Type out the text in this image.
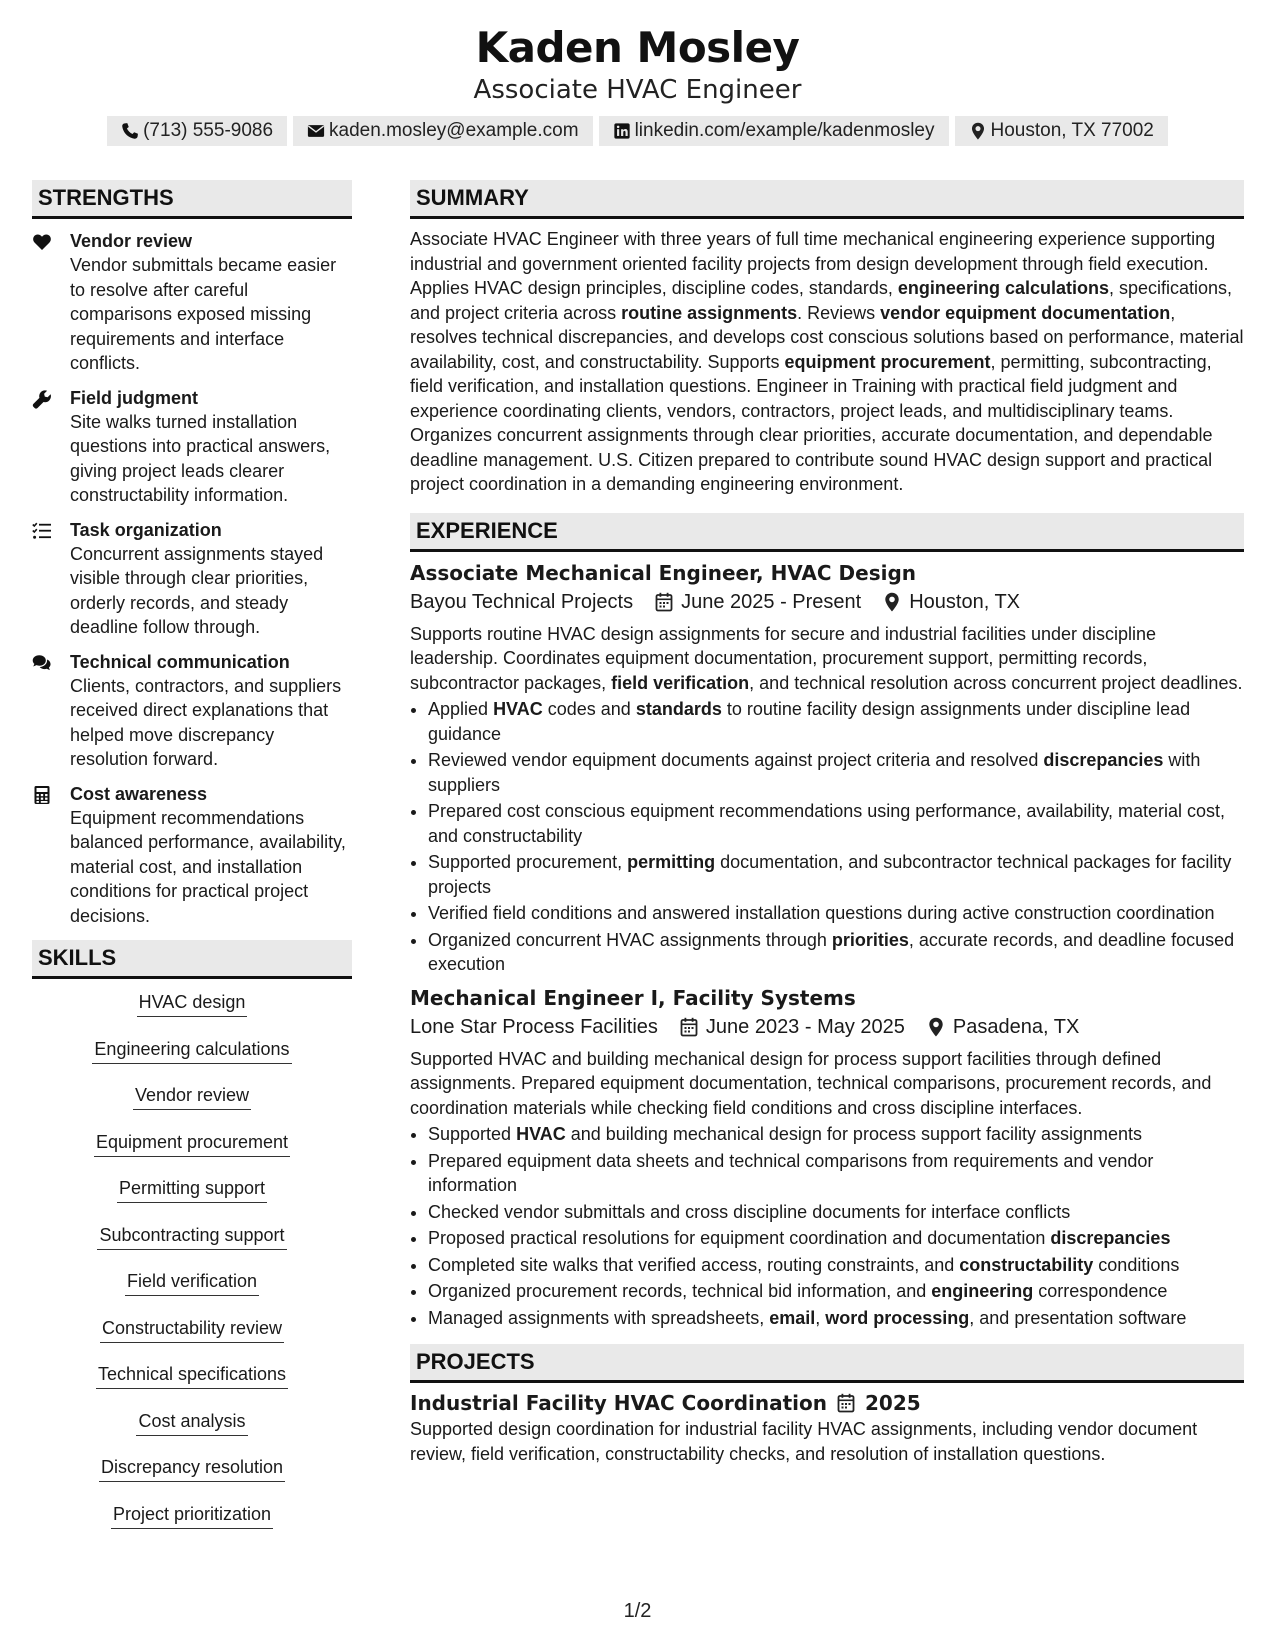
Kaden Mosley
Associate HVAC Engineer
(713) 555-9086	kaden.mosley@example.com	linkedin.com/example/kadenmosley	Houston, TX 77002
STRENGTHS
Vendor review
Vendor submittals became easier to resolve after careful comparisons exposed missing requirements and interface conflicts.
Field judgment
Site walks turned installation questions into practical answers, giving project leads clearer constructability information.
Task organization
Concurrent assignments stayed visible through clear priorities, orderly records, and steady deadline follow through.
Technical communication
Clients, contractors, and suppliers received direct explanations that helped move discrepancy resolution forward.
Cost awareness
Equipment recommendations balanced performance, availability, material cost, and installation conditions for practical project decisions.
SKILLS
HVAC design
Engineering calculations
Vendor review
Equipment procurement
Permitting support
Subcontracting support
Field verification
Constructability review
Technical specifications
Cost analysis
Discrepancy resolution
Project prioritization
SUMMARY
Associate HVAC Engineer with three years of full time mechanical engineering experience supporting industrial and government oriented facility projects from design development through field execution. Applies HVAC design principles, discipline codes, standards, engineering calculations, specifications, and project criteria across routine assignments. Reviews vendor equipment documentation, resolves technical discrepancies, and develops cost conscious solutions based on performance, material availability, cost, and constructability. Supports equipment procurement, permitting, subcontracting, field verification, and installation questions. Engineer in Training with practical field judgment and experience coordinating clients, vendors, contractors, project leads, and multidisciplinary teams. Organizes concurrent assignments through clear priorities, accurate documentation, and dependable deadline management. U.S. Citizen prepared to contribute sound HVAC design support and practical project coordination in a demanding engineering environment.
EXPERIENCE
Associate Mechanical Engineer, HVAC Design
Bayou Technical Projects June 2025 - Present Houston, TX
Supports routine HVAC design assignments for secure and industrial facilities under discipline leadership. Coordinates equipment documentation, procurement support, permitting records, subcontractor packages, field verification, and technical resolution across concurrent project deadlines.
• Applied HVAC codes and standards to routine facility design assignments under discipline lead guidance
• Reviewed vendor equipment documents against project criteria and resolved discrepancies with suppliers
• Prepared cost conscious equipment recommendations using performance, availability, material cost, and constructability
• Supported procurement, permitting documentation, and subcontractor technical packages for facility projects
• Verified field conditions and answered installation questions during active construction coordination
• Organized concurrent HVAC assignments through priorities, accurate records, and deadline focused execution
Mechanical Engineer I, Facility Systems
Lone Star Process Facilities June 2023 - May 2025 Pasadena, TX
Supported HVAC and building mechanical design for process support facilities through defined assignments. Prepared equipment documentation, technical comparisons, procurement records, and coordination materials while checking field conditions and cross discipline interfaces.
• Supported HVAC and building mechanical design for process support facility assignments
• Prepared equipment data sheets and technical comparisons from requirements and vendor information
• Checked vendor submittals and cross discipline documents for interface conflicts
• Proposed practical resolutions for equipment coordination and documentation discrepancies
• Completed site walks that verified access, routing constraints, and constructability conditions
• Organized procurement records, technical bid information, and engineering correspondence
• Managed assignments with spreadsheets, email, word processing, and presentation software
PROJECTS
Industrial Facility HVAC Coordination 2025
Supported design coordination for industrial facility HVAC assignments, including vendor document review, field verification, constructability checks, and resolution of installation questions.
1/2
